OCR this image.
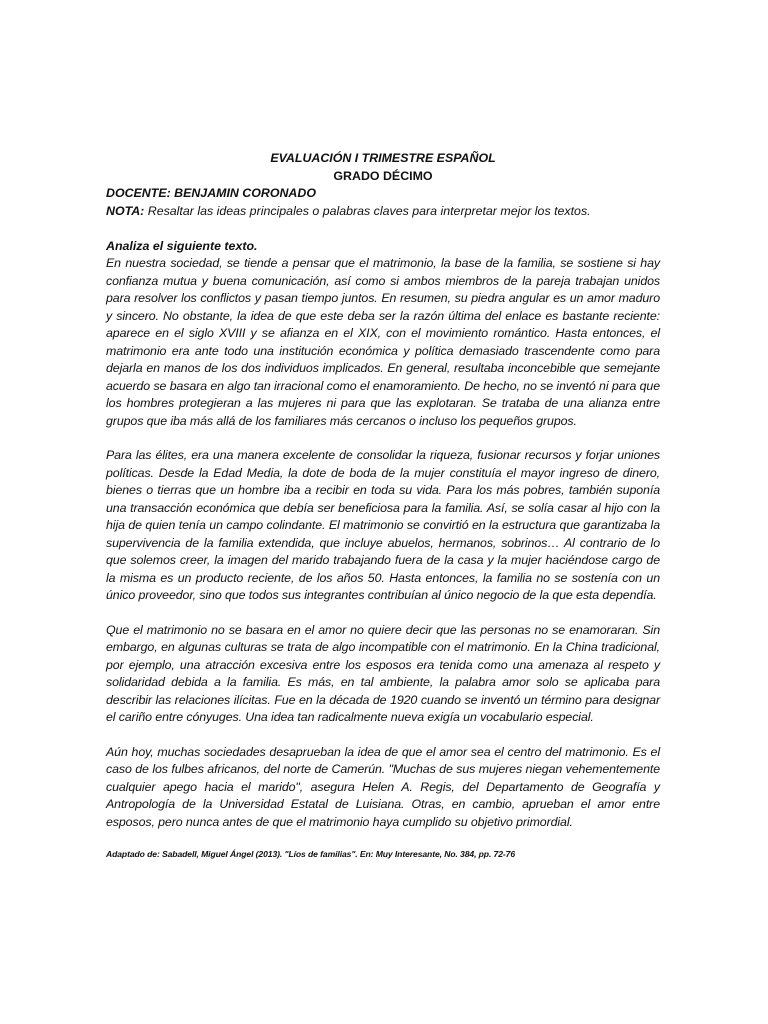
EVALUACIÓN I TRIMESTRE ESPAÑOL
GRADO DÉCIMO
DOCENTE: BENJAMIN CORONADO
NOTA: Resaltar las ideas principales o palabras claves para interpretar mejor los textos.
Analiza el siguiente texto.

En nuestra sociedad, se tiende a pensar que el matrimonio, la base de la familia, se sostiene si hay confianza mutua y buena comunicación, así como si ambos miembros de la pareja trabajan unidos para resolver los conflictos y pasan tiempo juntos. En resumen, su piedra angular es un amor maduro y sincero. No obstante, la idea de que este deba ser la razón última del enlace es bastante reciente: aparece en el siglo XVIII y se afianza en el XIX, con el movimiento romántico. Hasta entonces, el matrimonio era ante todo una institución económica y política demasiado trascendente como para dejarla en manos de los dos individuos implicados. En general, resultaba inconcebible que semejante acuerdo se basara en algo tan irracional como el enamoramiento. De hecho, no se inventó ni para que los hombres protegieran a las mujeres ni para que las explotaran. Se trataba de una alianza entre grupos que iba más allá de los familiares más cercanos o incluso los pequeños grupos.

Para las élites, era una manera excelente de consolidar la riqueza, fusionar recursos y forjar uniones políticas. Desde la Edad Media, la dote de boda de la mujer constituía el mayor ingreso de dinero, bienes o tierras que un hombre iba a recibir en toda su vida. Para los más pobres, también suponía una transacción económica que debía ser beneficiosa para la familia. Así, se solía casar al hijo con la hija de quien tenía un campo colindante. El matrimonio se convirtió en la estructura que garantizaba la supervivencia de la familia extendida, que incluye abuelos, hermanos, sobrinos… Al contrario de lo que solemos creer, la imagen del marido trabajando fuera de la casa y la mujer haciéndose cargo de la misma es un producto reciente, de los años 50. Hasta entonces, la familia no se sostenía con un único proveedor, sino que todos sus integrantes contribuían al único negocio de la que esta dependía.

Que el matrimonio no se basara en el amor no quiere decir que las personas no se enamoraran. Sin embargo, en algunas culturas se trata de algo incompatible con el matrimonio. En la China tradicional, por ejemplo, una atracción excesiva entre los esposos era tenida como una amenaza al respeto y solidaridad debida a la familia. Es más, en tal ambiente, la palabra amor solo se aplicaba para describir las relaciones ilícitas. Fue en la década de 1920 cuando se inventó un término para designar el cariño entre cónyuges. Una idea tan radicalmente nueva exigía un vocabulario especial.

Aún hoy, muchas sociedades desaprueban la idea de que el amor sea el centro del matrimonio. Es el caso de los fulbes africanos, del norte de Camerún. "Muchas de sus mujeres niegan vehementemente cualquier apego hacia el marido", asegura Helen A. Regis, del Departamento de Geografía y Antropología de la Universidad Estatal de Luisiana. Otras, en cambio, aprueban el amor entre esposos, pero nunca antes de que el matrimonio haya cumplido su objetivo primordial.

Adaptado de: Sabadell, Miguel Ángel (2013). "Líos de familias". En: Muy Interesante, No. 384, pp. 72-76
